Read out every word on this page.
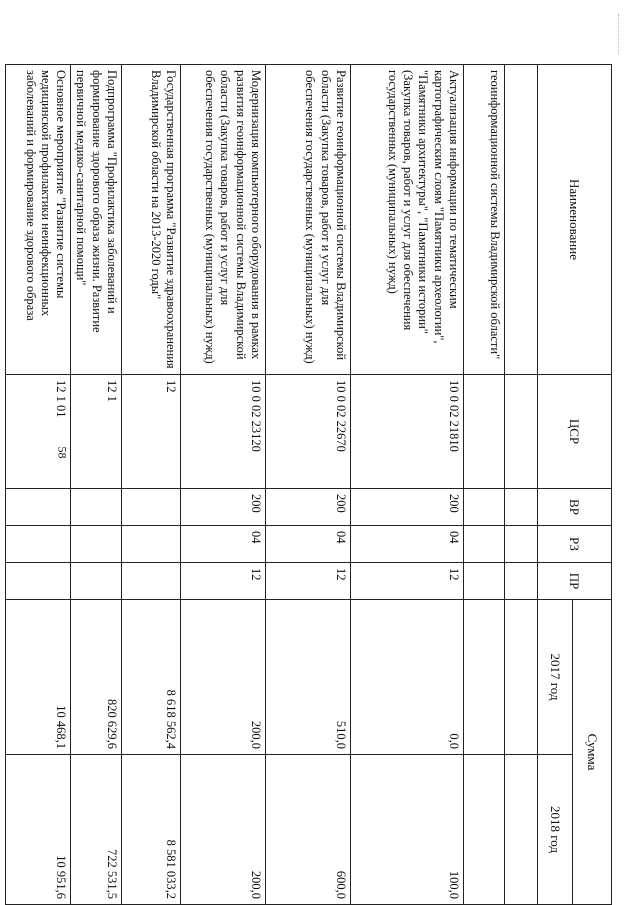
58
Наименование	ЦСР	ВР	РЗ	ПР	Сумма	
					2017 год	2018 год

геоинформационной системы Владимирской области"						
Актуализация информации по тематическим картографическим слоям "Памятники археологии", "Памятники архитектуры", "Памятники истории" (Закупка товаров, работ и услуг для обеспечения государственных (муниципальных) нужд)	10 0 02 21810	200	04	12	0,0	100,0
Развитие геоинформационной системы Владимирской области (Закупка товаров, работ и услуг для обеспечения государственных (муниципальных) нужд)	10 0 02 22670	200	04	12	510,0	600,0
Модернизация компьютерного оборудования в рамках развития геоинформационной системы Владимирской области (Закупка товаров, работ и услуг для обеспечения государственных (муниципальных) нужд)	10 0 02 23120	200	04	12	200,0	200,0
Государственная программа "Развитие здравоохранения Владимирской области на 2013-2020 годы"	12				8 618 562,4	8 581 033,2
Подпрограмма "Профилактика заболеваний и формирование здорового образа жизни. Развитие первичной медико-санитарной помощи"	12 1				820 629,6	722 531,5
Основное мероприятие "Развитие системы медицинской профилактики неинфекционных заболеваний и формирование здорового образа	12 1 01				10 468,1	10 951,6
